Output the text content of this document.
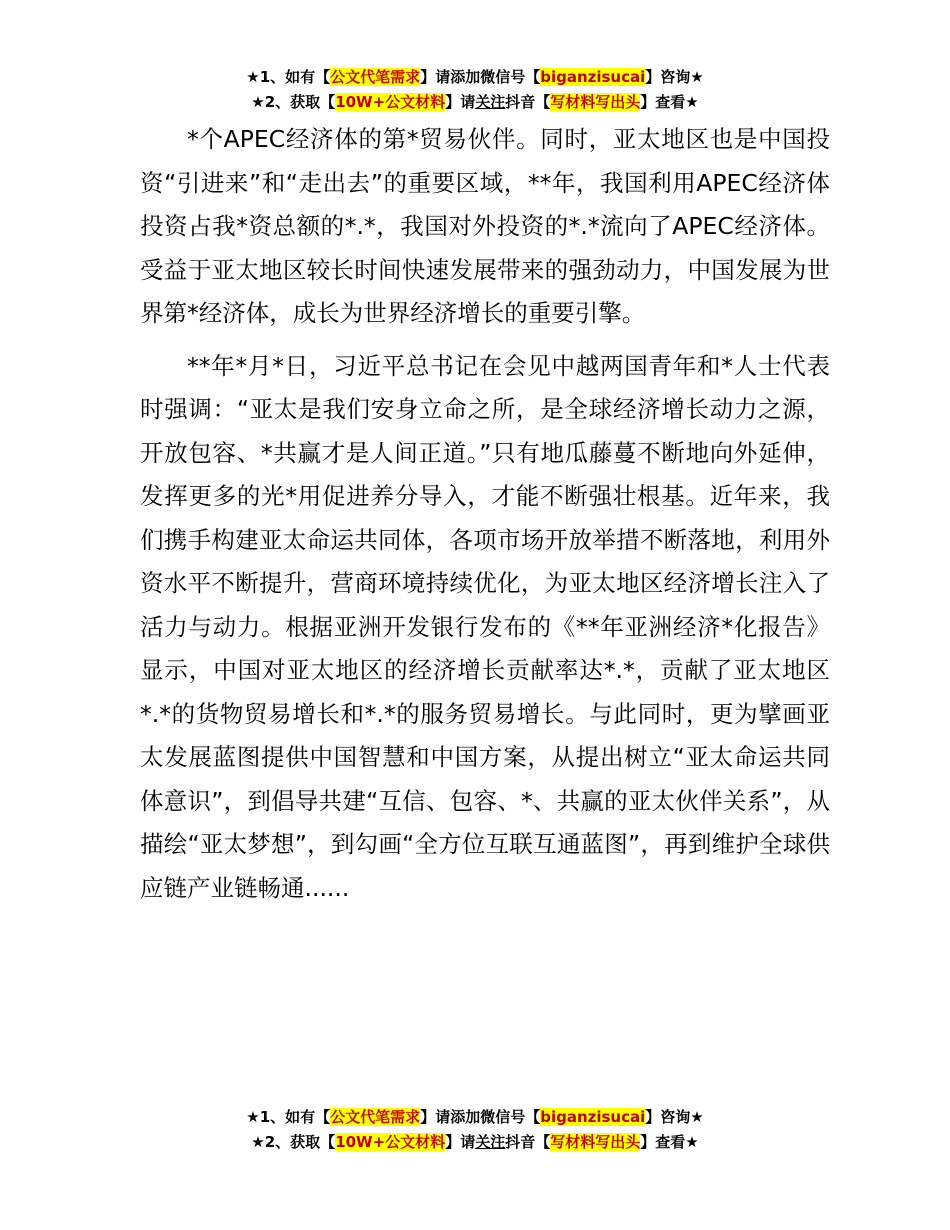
★1、如有【公文代笔需求】请添加微信号【biganzisucai】咨询★
★2、获取【10W+公文材料】请关注抖音【写材料写出头】查看★

*个APEC经济体的第*贸易伙伴。同时，亚太地区也是中国投资“引进来”和“走出去”的重要区域，**年，我国利用APEC经济体投资占我*资总额的*.*，我国对外投资的*.*流向了APEC经济体。受益于亚太地区较长时间快速发展带来的强劲动力，中国发展为世界第*经济体，成长为世界经济增长的重要引擎。

**年*月*日，习近平总书记在会见中越两国青年和*人士代表时强调：“亚太是我们安身立命之所，是全球经济增长动力之源，开放包容、*共赢才是人间正道。”只有地瓜藤蔓不断地向外延伸，发挥更多的光*用促进养分导入，才能不断强壮根基。近年来，我们携手构建亚太命运共同体，各项市场开放举措不断落地，利用外资水平不断提升，营商环境持续优化，为亚太地区经济增长注入了活力与动力。根据亚洲开发银行发布的《**年亚洲经济*化报告》显示，中国对亚太地区的经济增长贡献率达*.*，贡献了亚太地区*.*的货物贸易增长和*.*的服务贸易增长。与此同时，更为擘画亚太发展蓝图提供中国智慧和中国方案，从提出树立“亚太命运共同体意识”，到倡导共建“互信、包容、*、共赢的亚太伙伴关系”，从描绘“亚太梦想”，到勾画“全方位互联互通蓝图”，再到维护全球供应链产业链畅通......

★1、如有【公文代笔需求】请添加微信号【biganzisucai】咨询★
★2、获取【10W+公文材料】请关注抖音【写材料写出头】查看★
